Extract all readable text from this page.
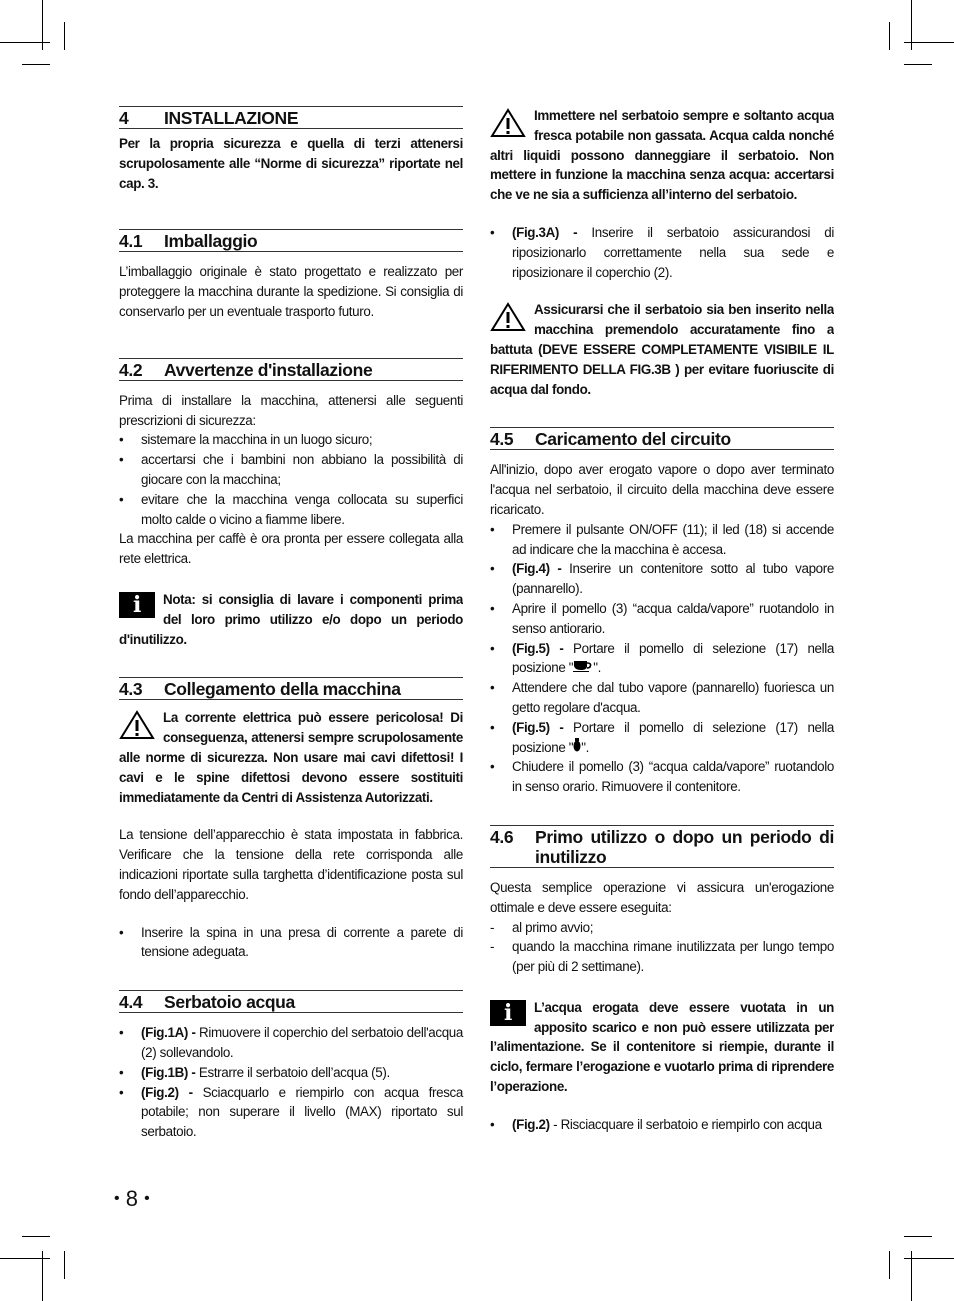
4	INSTALLAZIONE

Per la propria sicurezza e quella di terzi attenersi scrupolosamente alle “Norme di sicurezza” riportate nel cap. 3.

4.1	Imballaggio

L’imballaggio originale è stato progettato e realizzato per proteggere la macchina durante la spedizione. Si consiglia di conservarlo per un eventuale trasporto futuro.

4.2	Avvertenze d'installazione

Prima di installare la macchina, attenersi alle seguenti prescrizioni di sicurezza:

• sistemare la macchina in un luogo sicuro;
• accertarsi che i bambini non abbiano la possibilità di giocare con la macchina;
• evitare che la macchina venga collocata su superfici molto calde o vicino a fiamme libere.

La macchina per caffè è ora pronta per essere collegata alla rete elettrica.

i	Nota: si consiglia di lavare i componenti prima del loro primo utilizzo e/o dopo un periodo d'inutilizzo.

4.3	Collegamento della macchina

La corrente elettrica può essere pericolosa! Di conseguenza, attenersi sempre scrupolosamente alle norme di sicurezza. Non usare mai cavi difettosi! I cavi e le spine difettosi devono essere sostituiti immediatamente da Centri di Assistenza Autorizzati.

La tensione dell’apparecchio è stata impostata in fabbrica. Verificare che la tensione della rete corrisponda alle indicazioni riportate sulla targhetta d’identificazione posta sul fondo dell’apparecchio.

• Inserire la spina in una presa di corrente a parete di tensione adeguata.
4.4	Serbatoio acqua
• (Fig.1A) - Rimuovere il coperchio del serbatoio dell'acqua (2) sollevandolo.
• (Fig.1B) - Estrarre il serbatoio dell’acqua (5).
• (Fig.2) - Sciacquarlo e riempirlo con acqua fresca potabile; non superare il livello (MAX) riportato sul serbatoio.

Immettere nel serbatoio sempre e soltanto acqua fresca potabile non gassata. Acqua calda nonché altri liquidi possono danneggiare il serbatoio. Non mettere in funzione la macchina senza acqua: accertarsi che ve ne sia a sufficienza all’interno del serbatoio.

• (Fig.3A) - Inserire il serbatoio assicurandosi di riposizionarlo correttamente nella sua sede e riposizionare il coperchio (2).

Assicurarsi che il serbatoio sia ben inserito nella macchina premendolo accuratamente fino a battuta (DEVE ESSERE COMPLETAMENTE VISIBILE IL RIFERIMENTO DELLA FIG.3B ) per evitare fuoriuscite di acqua dal fondo.

4.5	Caricamento del circuito

All'inizio, dopo aver erogato vapore o dopo aver terminato l'acqua nel serbatoio, il circuito della macchina deve essere ricaricato.

• Premere il pulsante ON/OFF (11); il led (18) si accende ad indicare che la macchina è accesa.
• (Fig.4) - Inserire un contenitore sotto al tubo vapore (pannarello).
• Aprire il pomello (3) “acqua calda/vapore” ruotandolo in senso antiorario.
• (Fig.5) - Portare il pomello di selezione (17) nella posizione " ".
• Attendere che dal tubo vapore (pannarello) fuoriesca un getto regolare d'acqua.
• (Fig.5) - Portare il pomello di selezione (17) nella posizione " ".
• Chiudere il pomello (3) “acqua calda/vapore” ruotandolo in senso orario. Rimuovere il contenitore.
4.6	Primo utilizzo o dopo un periodo di inutilizzo

Questa semplice operazione vi assicura un'erogazione ottimale e deve essere eseguita:

- al primo avvio;
- quando la macchina rimane inutilizzata per lungo tempo (per più di 2 settimane).
i	L’acqua erogata deve essere vuotata in un apposito scarico e non può essere utilizzata per l’alimentazione. Se il contenitore si riempie, durante il ciclo, fermare l’erogazione e vuotarlo prima di riprendere l’operazione.

• (Fig.2) - Risciacquare il serbatoio e riempirlo con acqua
• 8 •
